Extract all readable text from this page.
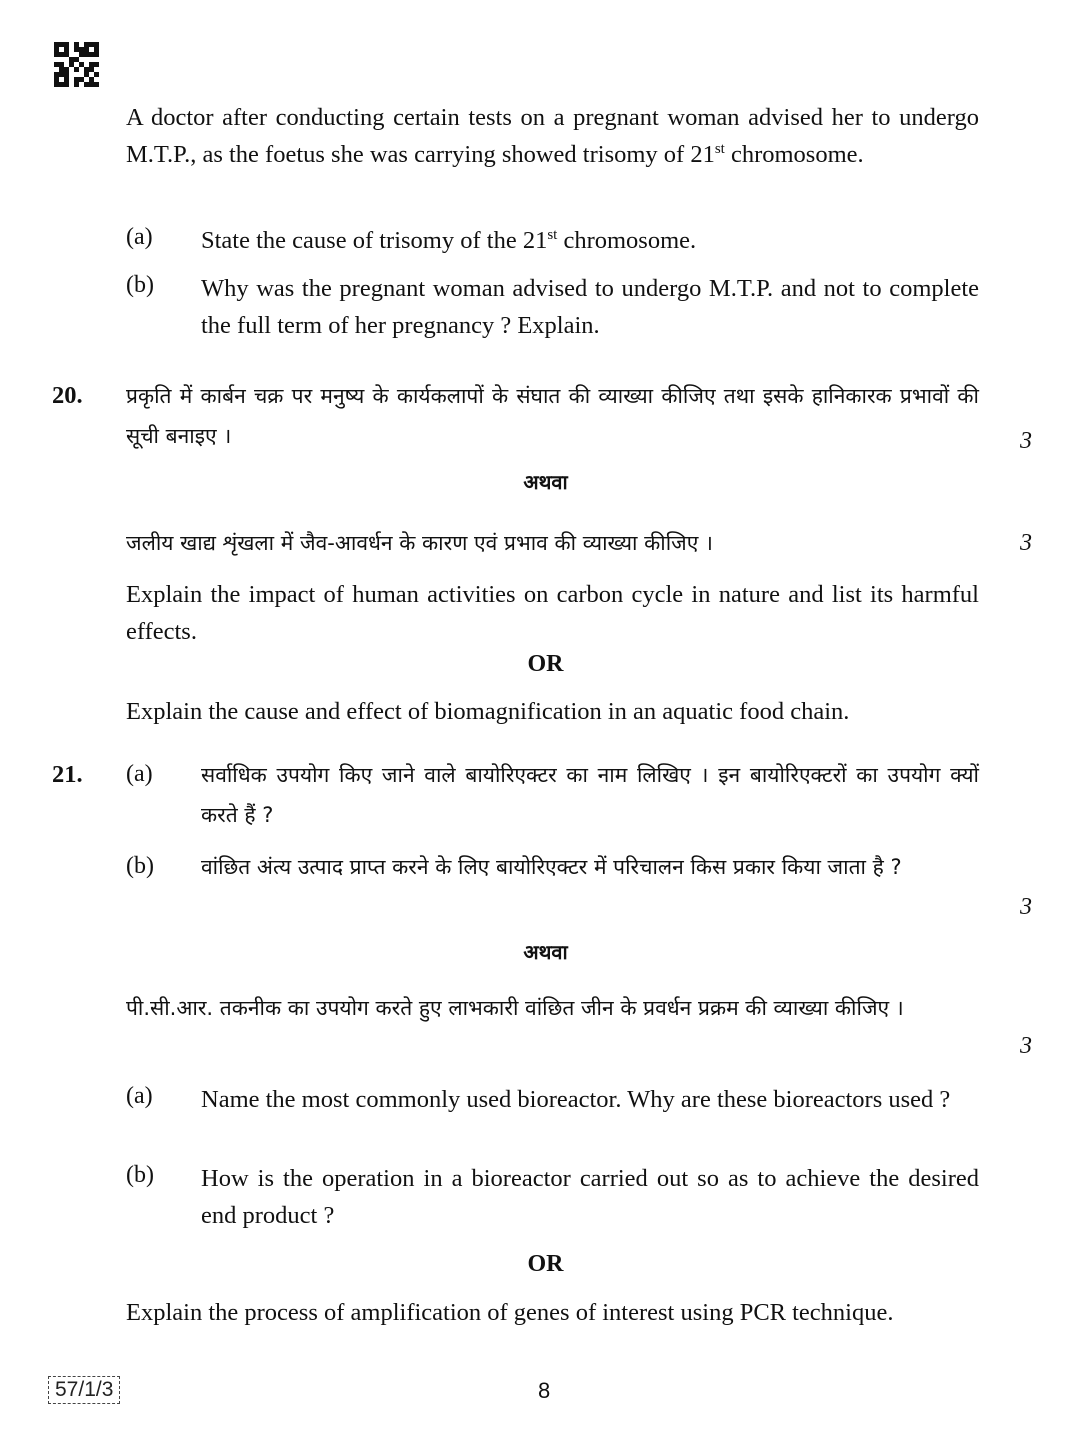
A doctor after conducting certain tests on a pregnant woman advised her to undergo M.T.P., as the foetus she was carrying showed trisomy of 21st chromosome.

(a) State the cause of trisomy of the 21st chromosome.

(b) Why was the pregnant woman advised to undergo M.T.P. and not to complete the full term of her pregnancy ? Explain.

20. प्रकृति में कार्बन चक्र पर मनुष्य के कार्यकलापों के संघात की व्याख्या कीजिए तथा इसके हानिकारक प्रभावों की सूची बनाइए ।	3
अथवा

जलीय खाद्य शृंखला में जैव-आवर्धन के कारण एवं प्रभाव की व्याख्या कीजिए ।	3

Explain the impact of human activities on carbon cycle in nature and list its harmful effects.

OR

Explain the cause and effect of biomagnification in an aquatic food chain.

21. (a) सर्वाधिक उपयोग किए जाने वाले बायोरिएक्टर का नाम लिखिए । इन बायोरिएक्टरों का उपयोग क्यों करते हैं ?

(b) वांछित अंत्य उत्पाद प्राप्त करने के लिए बायोरिएक्टर में परिचालन किस प्रकार किया जाता है ?

3
अथवा

पी.सी.आर. तकनीक का उपयोग करते हुए लाभकारी वांछित जीन के प्रवर्धन प्रक्रम की व्याख्या कीजिए ।

3
(a) Name the most commonly used bioreactor. Why are these bioreactors used ?

(b) How is the operation in a bioreactor carried out so as to achieve the desired end product ?

OR

Explain the process of amplification of genes of interest using PCR technique.

57/1/3	8
